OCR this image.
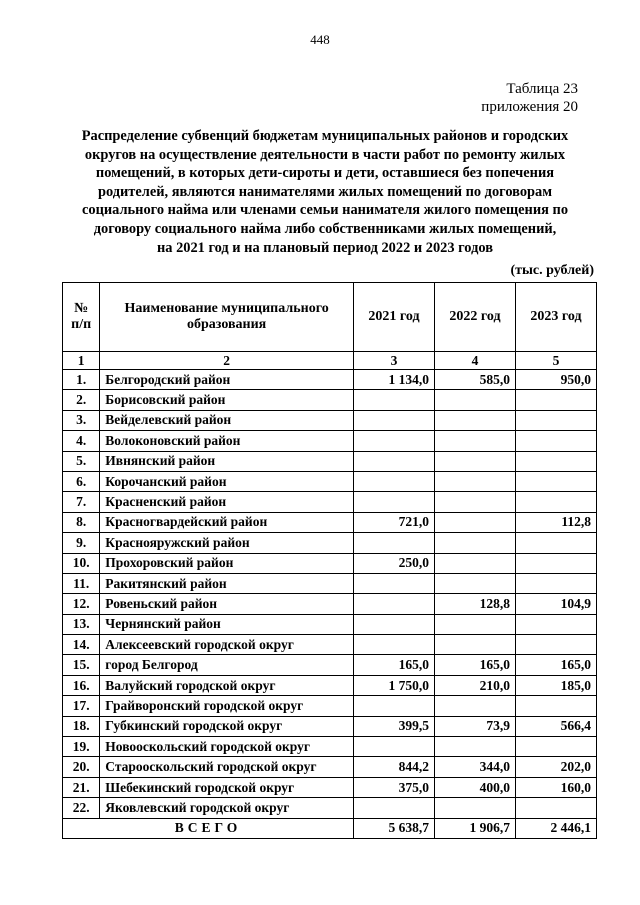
448
Таблица 23
приложения 20
Распределение субвенций бюджетам муниципальных районов и городских
округов на осуществление деятельности в части работ по ремонту жилых
помещений, в которых дети-сироты и дети, оставшиеся без попечения
родителей, являются нанимателями жилых помещений по договорам
социального найма или членами семьи нанимателя жилого помещения по
договору социального найма либо собственниками жилых помещений,
на 2021 год и на плановый период 2022 и 2023 годов
(тыс. рублей)
№ п/п	Наименование муниципального образования	2021 год	2022 год	2023 год
1	2	3	4	5
1.	Белгородский район	1 134,0	585,0	950,0
2.	Борисовский район			
3.	Вейделевский район			
4.	Волоконовский район			
5.	Ивнянский район			
6.	Корочанский район			
7.	Красненский район			
8.	Красногвардейский район	721,0		112,8
9.	Краснояружский район			
10.	Прохоровский район	250,0		
11.	Ракитянский район			
12.	Ровеньский район		128,8	104,9
13.	Чернянский район			
14.	Алексеевский городской округ			
15.	город Белгород	165,0	165,0	165,0
16.	Валуйский городской округ	1 750,0	210,0	185,0
17.	Грайворонский городской округ			
18.	Губкинский городской округ	399,5	73,9	566,4
19.	Новооскольский городской округ			
20.	Старооскольский городской округ	844,2	344,0	202,0
21.	Шебекинский городской округ	375,0	400,0	160,0
22.	Яковлевский городской округ			
ВСЕГО		5 638,7	1 906,7	2 446,1
